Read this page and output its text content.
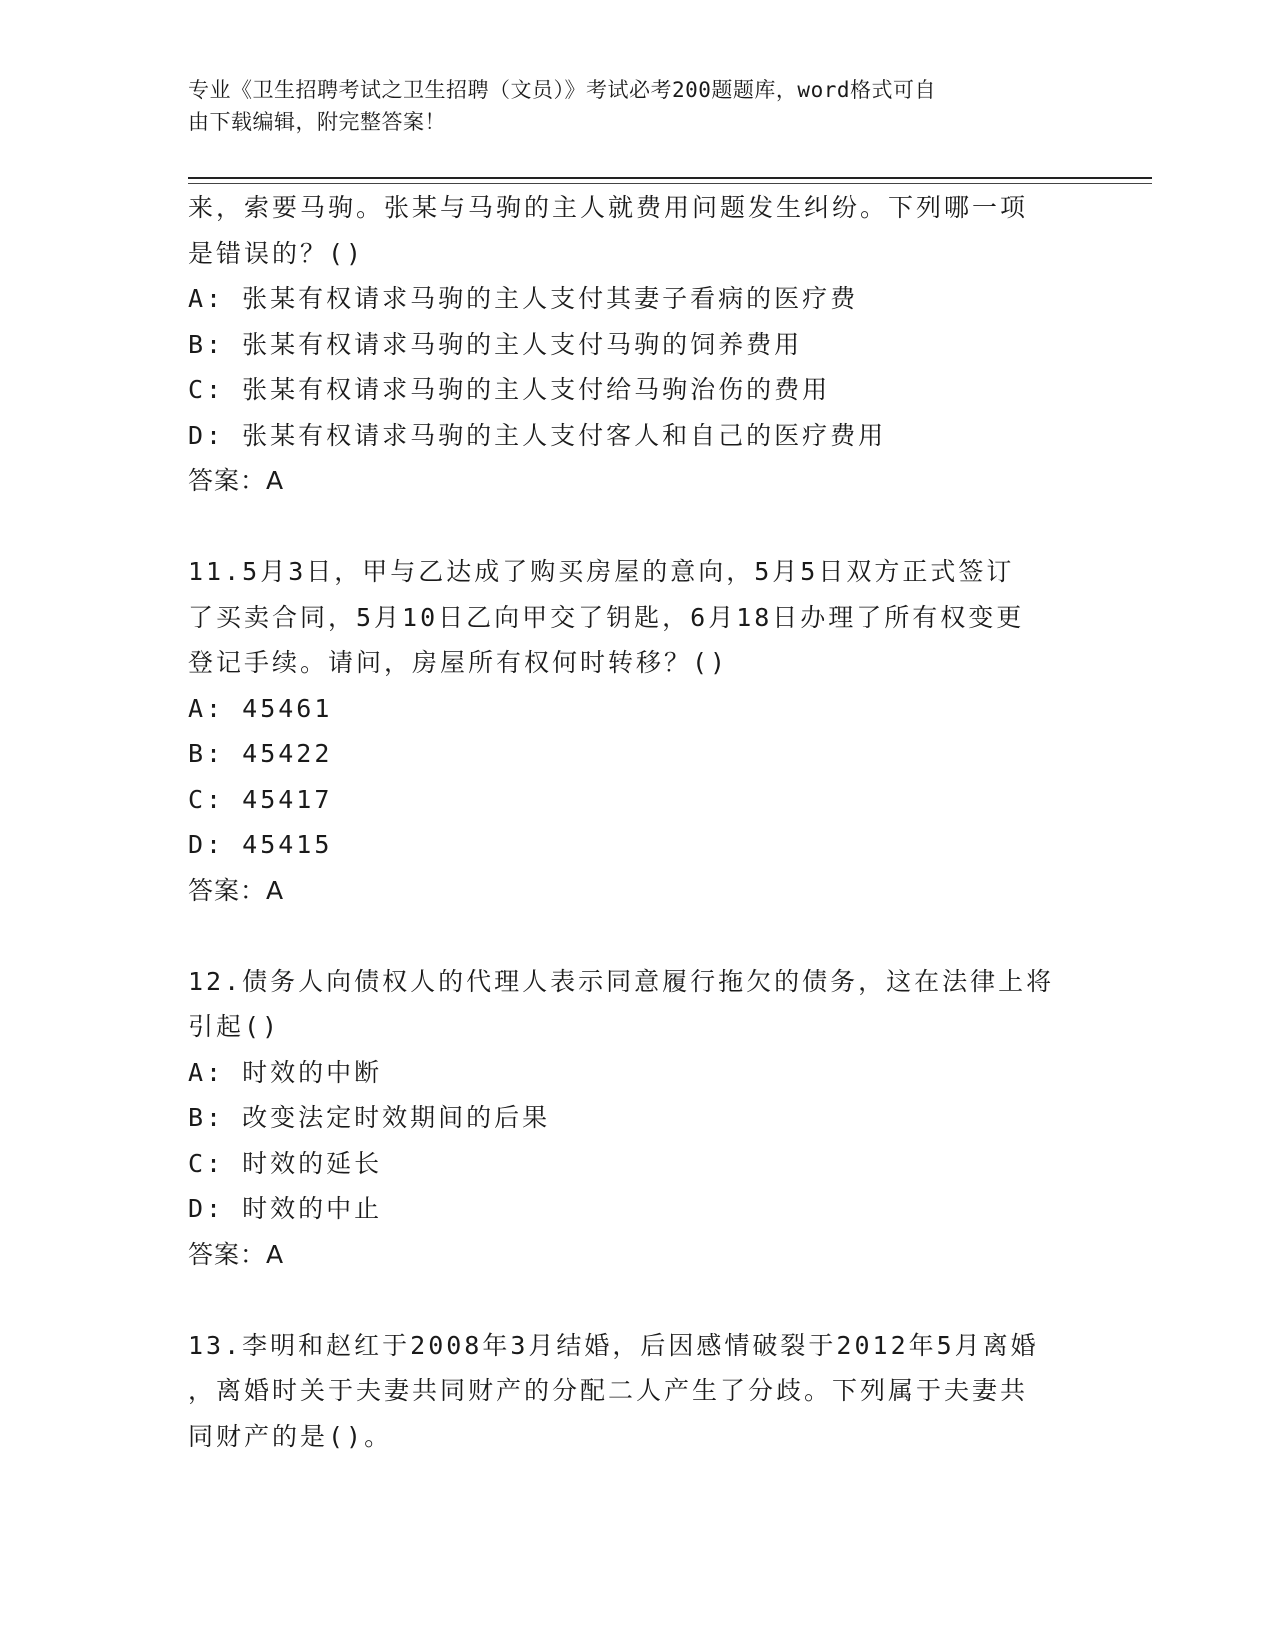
专业《卫生招聘考试之卫生招聘（文员）》考试必考200题题库，word格式可自
由下载编辑，附完整答案！
来，索要马驹。张某与马驹的主人就费用问题发生纠纷。下列哪一项
是错误的？()
A: 张某有权请求马驹的主人支付其妻子看病的医疗费
B: 张某有权请求马驹的主人支付马驹的饲养费用
C: 张某有权请求马驹的主人支付给马驹治伤的费用
D: 张某有权请求马驹的主人支付客人和自己的医疗费用
答案：A
11.5月3日，甲与乙达成了购买房屋的意向，5月5日双方正式签订
了买卖合同，5月10日乙向甲交了钥匙，6月18日办理了所有权变更
登记手续。请问，房屋所有权何时转移？()
A: 45461
B: 45422
C: 45417
D: 45415
答案：A
12.债务人向债权人的代理人表示同意履行拖欠的债务，这在法律上将
引起()
A: 时效的中断
B: 改变法定时效期间的后果
C: 时效的延长
D: 时效的中止
答案：A
13.李明和赵红于2008年3月结婚，后因感情破裂于2012年5月离婚
，离婚时关于夫妻共同财产的分配二人产生了分歧。下列属于夫妻共
同财产的是()。
